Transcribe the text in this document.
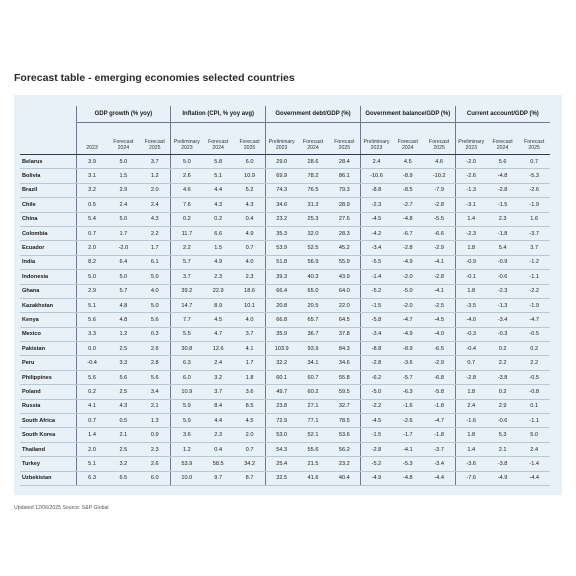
Forecast table - emerging economies selected countries
	GDP growth (% yoy)			Inflation (CPI, % yoy avg)			Government debt/GDP (%)			Government balance/GDP (%)			Current account/GDP (%)		
	2023	Forecast 2024	Forecast 2025	Preliminary 2023	Forecast 2024	Forecast 2025	Preliminary 2023	Forecast 2024	Forecast 2025	Preliminary 2023	Forecast 2024	Forecast 2025	Preliminary 2023	Forecast 2024	Forecast 2025
Belarus	3.9	5.0	3.7	5.0	5.8	6.0	29.0	28.6	28.4	2.4	4.5	4.6	-2.0	5.6	0.7
Bolivia	3.1	1.5	1.2	2.6	5.1	10.9	69.9	78.2	86.1	-10.6	-8.9	-10.2	-2.6	-4.8	-5.3
Brazil	3.2	2.9	2.0	4.6	4.4	5.2	74.3	76.5	79.3	-8.8	-8.5	-7.9	-1.3	-2.8	-2.6
Chile	0.5	2.4	2.4	7.6	4.3	4.3	34.6	31.3	28.9	-2.3	-2.7	-2.8	-3.1	-1.5	-1.9
China	5.4	5.0	4.3	0.2	0.2	0.4	23.2	25.3	27.6	-4.5	-4.8	-5.5	1.4	2.3	1.6
Colombia	0.7	1.7	2.2	11.7	6.6	4.9	35.3	32.0	28.3	-4.2	-6.7	-6.6	-2.3	-1.8	-3.7
Ecuador	2.0	-2.0	1.7	2.2	1.5	0.7	53.9	52.5	45.2	-3.4	-2.8	-2.9	1.8	5.4	3.7
India	8.2	6.4	6.1	5.7	4.9	4.0	51.8	56.9	55.9	-5.5	-4.9	-4.1	-0.9	-0.9	-1.2
Indonesia	5.0	5.0	5.0	3.7	2.3	2.3	39.3	40.3	43.9	-1.4	-2.0	-2.8	-0.1	-0.6	-1.1
Ghana	2.9	5.7	4.0	39.2	22.9	18.6	66.4	65.0	64.0	-5.2	-5.0	-4.1	1.8	-2.3	-2.2
Kazakhstan	5.1	4.8	5.0	14.7	8.9	10.1	20.8	20.5	22.0	-1.5	-2.0	-2.5	-3.5	-1.3	-1.9
Kenya	5.6	4.8	5.6	7.7	4.5	4.0	66.8	65.7	64.5	-5.8	-4.7	-4.5	-4.0	-3.4	-4.7
Mexico	3.3	1.2	0.3	5.5	4.7	3.7	35.9	36.7	37.8	-3.4	-4.9	-4.0	-0.3	-0.3	-0.5
Pakistan	0.0	2.5	2.6	30.8	12.6	4.1	103.9	93.9	84.3	-8.8	-8.9	-6.5	-0.4	0.2	0.2
Peru	-0.4	3.3	2.8	6.3	2.4	1.7	32.2	34.1	34.6	-2.8	-3.6	-2.9	0.7	2.2	2.2
Philippines	5.6	5.6	5.6	6.0	3.2	1.8	60.1	60.7	55.8	-6.2	-5.7	-6.8	-2.8	-3.8	-0.5
Poland	0.2	2.5	3.4	10.9	3.7	3.6	49.7	60.2	59.5	-5.0	-6.3	-5.8	1.8	0.2	-0.8
Russia	4.1	4.3	2.1	5.9	8.4	8.5	23.8	27.1	32.7	-2.2	-1.6	-1.8	2.4	2.9	0.1
South Africa	0.7	0.5	1.3	5.9	4.4	4.5	72.9	77.1	78.5	-4.5	-2.6	-4.7	-1.6	-0.6	-1.1
South Korea	1.4	2.1	0.9	3.6	2.3	2.0	53.0	52.1	53.6	-1.5	-1.7	-1.8	1.8	5.3	5.0
Thailand	2.0	2.5	2.3	1.2	0.4	0.7	54.3	55.6	56.2	-2.8	-4.1	-3.7	1.4	2.1	2.4
Turkey	5.1	3.2	2.6	53.9	58.5	34.2	25.4	21.5	23.2	-5.2	-5.3	-3.4	-3.6	-3.8	-1.4
Uzbekistan	6.3	6.5	6.0	10.0	9.7	8.7	32.5	41.6	40.4	-4.9	-4.8	-4.4	-7.6	-4.9	-4.4
Updated 12/06/2025 Source: S&P Global
